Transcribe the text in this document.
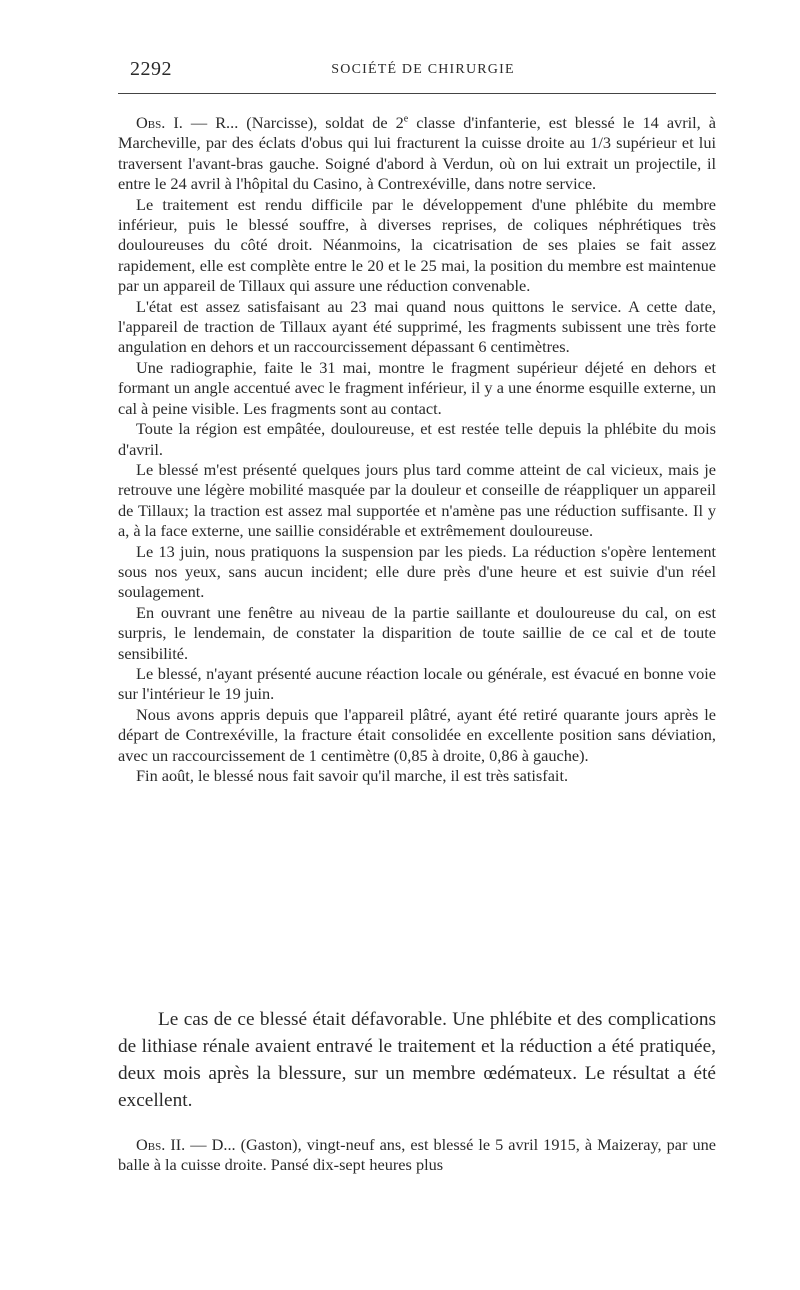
2292	SOCIÉTÉ DE CHIRURGIE

Obs. I. — R... (Narcisse), soldat de 2e classe d'infanterie, est blessé le 14 avril, à Marcheville, par des éclats d'obus qui lui fracturent la cuisse droite au 1/3 supérieur et lui traversent l'avant-bras gauche. Soigné d'abord à Verdun, où on lui extrait un projectile, il entre le 24 avril à l'hôpital du Casino, à Contrexéville, dans notre service.

Le traitement est rendu difficile par le développement d'une phlébite du membre inférieur, puis le blessé souffre, à diverses reprises, de coliques néphrétiques très douloureuses du côté droit. Néanmoins, la cicatrisation de ses plaies se fait assez rapidement, elle est complète entre le 20 et le 25 mai, la position du membre est maintenue par un appareil de Tillaux qui assure une réduction convenable.

L'état est assez satisfaisant au 23 mai quand nous quittons le service. A cette date, l'appareil de traction de Tillaux ayant été supprimé, les fragments subissent une très forte angulation en dehors et un raccourcissement dépassant 6 centimètres.

Une radiographie, faite le 31 mai, montre le fragment supérieur déjeté en dehors et formant un angle accentué avec le fragment inférieur, il y a une énorme esquille externe, un cal à peine visible. Les fragments sont au contact.

Toute la région est empâtée, douloureuse, et est restée telle depuis la phlébite du mois d'avril.

Le blessé m'est présenté quelques jours plus tard comme atteint de cal vicieux, mais je retrouve une légère mobilité masquée par la douleur et conseille de réappliquer un appareil de Tillaux; la traction est assez mal supportée et n'amène pas une réduction suffisante. Il y a, à la face externe, une saillie considérable et extrêmement douloureuse.

Le 13 juin, nous pratiquons la suspension par les pieds. La réduction s'opère lentement sous nos yeux, sans aucun incident; elle dure près d'une heure et est suivie d'un réel soulagement.

En ouvrant une fenêtre au niveau de la partie saillante et douloureuse du cal, on est surpris, le lendemain, de constater la disparition de toute saillie de ce cal et de toute sensibilité.

Le blessé, n'ayant présenté aucune réaction locale ou générale, est évacué en bonne voie sur l'intérieur le 19 juin.

Nous avons appris depuis que l'appareil plâtré, ayant été retiré quarante jours après le départ de Contrexéville, la fracture était consolidée en excellente position sans déviation, avec un raccourcissement de 1 centimètre (0,85 à droite, 0,86 à gauche).

Fin août, le blessé nous fait savoir qu'il marche, il est très satisfait.

Le cas de ce blessé était défavorable. Une phlébite et des complications de lithiase rénale avaient entravé le traitement et la réduction a été pratiquée, deux mois après la blessure, sur un membre œdémateux. Le résultat a été excellent.

Obs. II. — D... (Gaston), vingt-neuf ans, est blessé le 5 avril 1915, à Maizeray, par une balle à la cuisse droite. Pansé dix-sept heures plus
